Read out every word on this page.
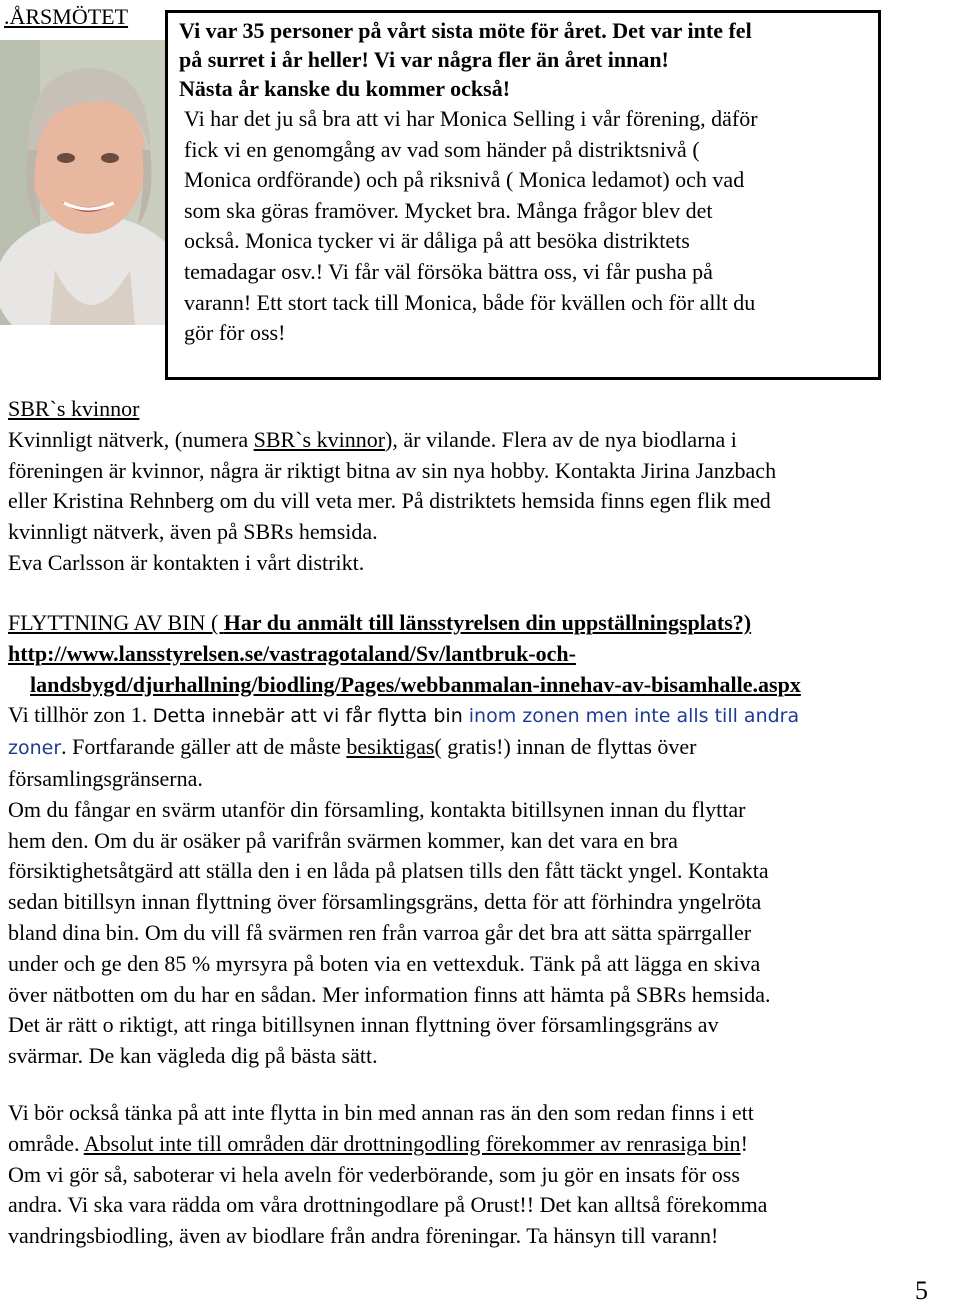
.ÅRSMÖTET
Vi var 35 personer på vårt sista möte för året. Det var inte fel
på surret i år heller! Vi var några fler än året innan!
Nästa år kanske du kommer också!
Vi har det ju så bra att vi har Monica Selling i vår förening, däför
fick vi en genomgång av vad som händer på distriktsnivå (
Monica ordförande) och på riksnivå ( Monica ledamot) och vad
som ska göras framöver. Mycket bra. Många frågor blev det
också. Monica tycker vi är dåliga på att besöka distriktets
temadagar osv.! Vi får väl försöka bättra oss, vi får pusha på
varann! Ett stort tack till Monica, både för kvällen och för allt du
gör för oss!
SBR`s kvinnor
Kvinnligt nätverk, (numera SBR`s kvinnor), är vilande. Flera av de nya biodlarna i
föreningen är kvinnor, några är riktigt bitna av sin nya hobby. Kontakta Jirina Janzbach
eller Kristina Rehnberg om du vill veta mer. På distriktets hemsida finns egen flik med
kvinnligt nätverk, även på SBRs hemsida.
Eva Carlsson är kontakten i vårt distrikt.
FLYTTNING AV BIN ( Har du anmält till länsstyrelsen din uppställningsplats?)
http://www.lansstyrelsen.se/vastragotaland/Sv/lantbruk-och-
landsbygd/djurhallning/biodling/Pages/webbanmalan-innehav-av-bisamhalle.aspx
Vi tillhör zon 1. Detta innebär att vi får flytta bin inom zonen men inte alls till andra
zoner. Fortfarande gäller att de måste besiktigas( gratis!) innan de flyttas över
församlingsgränserna.
Om du fångar en svärm utanför din församling, kontakta bitillsynen innan du flyttar
hem den. Om du är osäker på varifrån svärmen kommer, kan det vara en bra
försiktighetsåtgärd att ställa den i en låda på platsen tills den fått täckt yngel. Kontakta
sedan bitillsyn innan flyttning över församlingsgräns, detta för att förhindra yngelröta
bland dina bin. Om du vill få svärmen ren från varroa går det bra att sätta spärrgaller
under och ge den 85 % myrsyra på boten via en vettexduk. Tänk på att lägga en skiva
över nätbotten om du har en sådan. Mer information finns att hämta på SBRs hemsida.
Det är rätt o riktigt, att ringa bitillsynen innan flyttning över församlingsgräns av
svärmar. De kan vägleda dig på bästa sätt.
Vi bör också tänka på att inte flytta in bin med annan ras än den som redan finns i ett
område. Absolut inte till områden där drottningodling förekommer av renrasiga bin!
Om vi gör så, saboterar vi hela aveln för vederbörande, som ju gör en insats för oss
andra. Vi ska vara rädda om våra drottningodlare på Orust!! Det kan alltså förekomma
vandringsbiodling, även av biodlare från andra föreningar. Ta hänsyn till varann!
5
